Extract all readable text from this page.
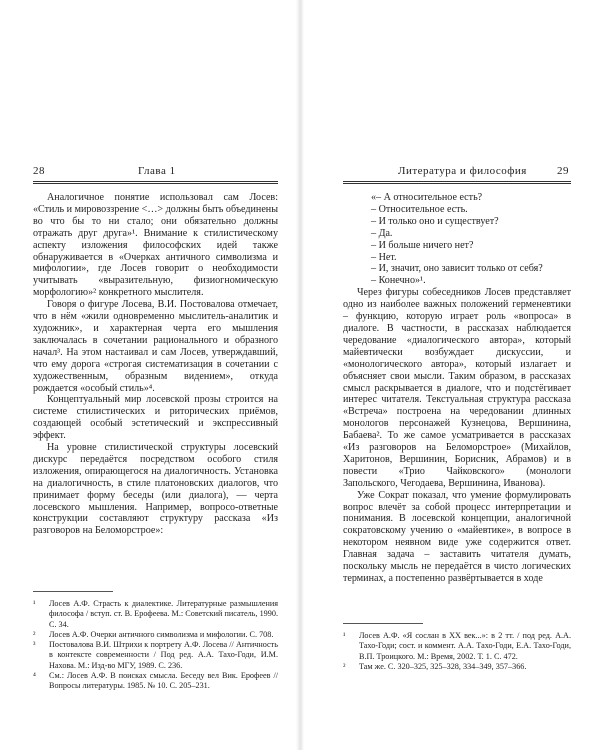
28	Глава 1

Аналогичное понятие использовал сам Лосев: «Стиль и мировоззрение <…> должны быть объединены во что бы то ни стало; они обязательно должны отражать друг друга»¹. Внимание к стилистическому аспекту изложения философских идей также обнаруживается в «Очерках античного символизма и мифологии», где Лосев говорит о необходимости учитывать «выразительную, физиогномическую морфологию»² конкретного мыслителя.

Говоря о фигуре Лосева, В.И. Постовалова отмечает, что в нём «жили одновременно мыслитель-аналитик и художник», и характерная черта его мышления заключалась в сочетании рационального и образного начал³. На этом настаивал и сам Лосев, утверждавший, что ему дорога «строгая систематизация в сочетании с художественным, образным видением», откуда рождается «особый стиль»⁴.

Концептуальный мир лосевской прозы строится на системе стилистических и риторических приёмов, создающей особый эстетический и экспрессивный эффект.

На уровне стилистической структуры лосевский дискурс передаётся посредством особого стиля изложения, опирающегося на диалогичность. Установка на диалогичность, в стиле платоновских диалогов, что принимает форму беседы (или диалога), — черта лосевского мышления. Например, вопросо-ответные конструкции составляют структуру рассказа «Из разговоров на Беломорстрое»:

¹ Лосев А.Ф. Страсть к диалектике. Литературные размышления философа / вступ. ст. В. Ерофеева. М.: Советский писатель, 1990. С. 34.

² Лосев А.Ф. Очерки античного символизма и мифологии. С. 708.

³ Постовалова В.И. Штрихи к портрету А.Ф. Лосева // Античность в контексте современности / Под ред. А.А. Тахо-Годи, И.М. Нахова. М.: Изд-во МГУ, 1989. С. 236.

⁴ См.: Лосев А.Ф. В поисках смысла. Беседу вел Вик. Ерофеев // Вопросы литературы. 1985. № 10. С. 205–231.

Литература и философия	29

«– А относительное есть?

– Относительное есть.

– И только оно и существует?

– Да.

– И больше ничего нет?

– Нет.

– И, значит, оно зависит только от себя?

– Конечно»¹.

Через фигуры собеседников Лосев представляет одно из наиболее важных положений герменевтики – функцию, которую играет роль «вопроса» в диалоге. В частности, в рассказах наблюдается чередование «диалогического автора», который майевтически возбуждает дискуссии, и «монологического автора», который излагает и объясняет свои мысли. Таким образом, в рассказах смысл раскрывается в диалоге, что и подстёгивает интерес читателя. Текстуальная структура рассказа «Встреча» построена на чередовании длинных монологов персонажей Кузнецова, Вершинина, Бабаева². То же самое усматривается в рассказах «Из разговоров на Беломорстрое» (Михайлов, Харитонов, Вершинин, Борисник, Абрамов) и в повести «Трио Чайковского» (монологи Запольского, Чегодаева, Вершинина, Иванова).

Уже Сократ показал, что умение формулировать вопрос влечёт за собой процесс интерпретации и понимания. В лосевской концепции, аналогичной сократовскому учению о «майевтике», в вопросе в некотором неявном виде уже содержится ответ. Главная задача – заставить читателя думать, поскольку мысль не передаётся в чисто логических терминах, а постепенно развёртывается в ходе

¹ Лосев А.Ф. «Я сослан в XX век...»: в 2 тт. / под ред. А.А. Тахо-Годи; сост. и коммент. А.А. Тахо-Годи, Е.А. Тахо-Годи, В.П. Троицкого. М.: Время, 2002. Т. 1. С. 472.

² Там же. С. 320–325, 325–328, 334–349, 357–366.
